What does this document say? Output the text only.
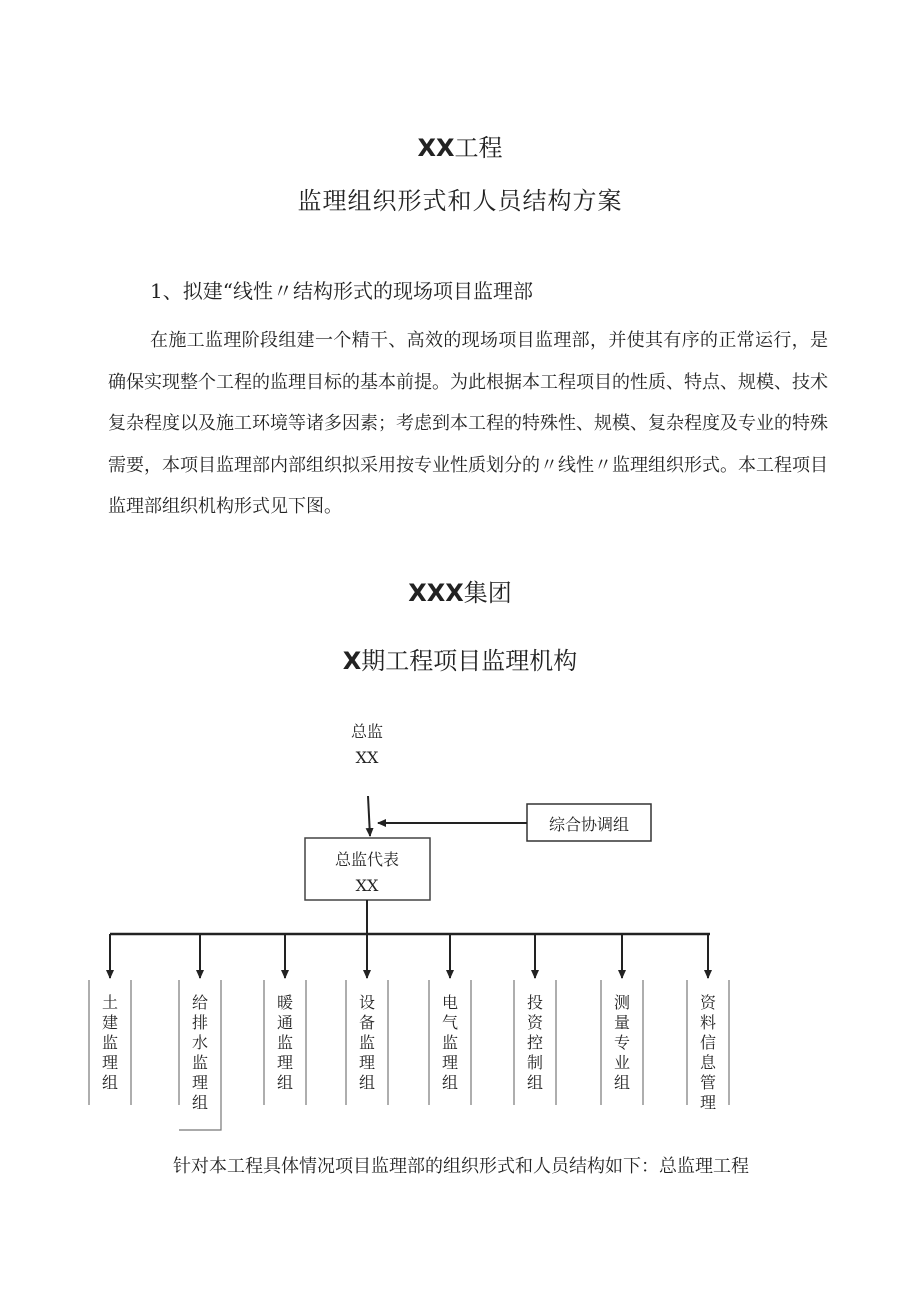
XX工程
监理组织形式和人员结构方案
1、拟建“线性〃结构形式的现场项目监理部

在施工监理阶段组建一个精干、高效的现场项目监理部，并使其有序的正常运行，是确保实现整个工程的监理目标的基本前提。为此根据本工程项目的性质、特点、规模、技术复杂程度以及施工环境等诸多因素；考虑到本工程的特殊性、规模、复杂程度及专业的特殊需要，本项目监理部内部组织拟采用按专业性质划分的〃线性〃监理组织形式。本工程项目监理部组织机构形式见下图。

XXX集团
X期工程项目监理机构
总监
XX
综合协调组
总监代表
XX
土建监理组
给排水监理组
暖通监理组
设备监理组
电气监理组
投资控制组
测量专业组
资料信息管理
针对本工程具体情况项目监理部的组织形式和人员结构如下：总监理工程
